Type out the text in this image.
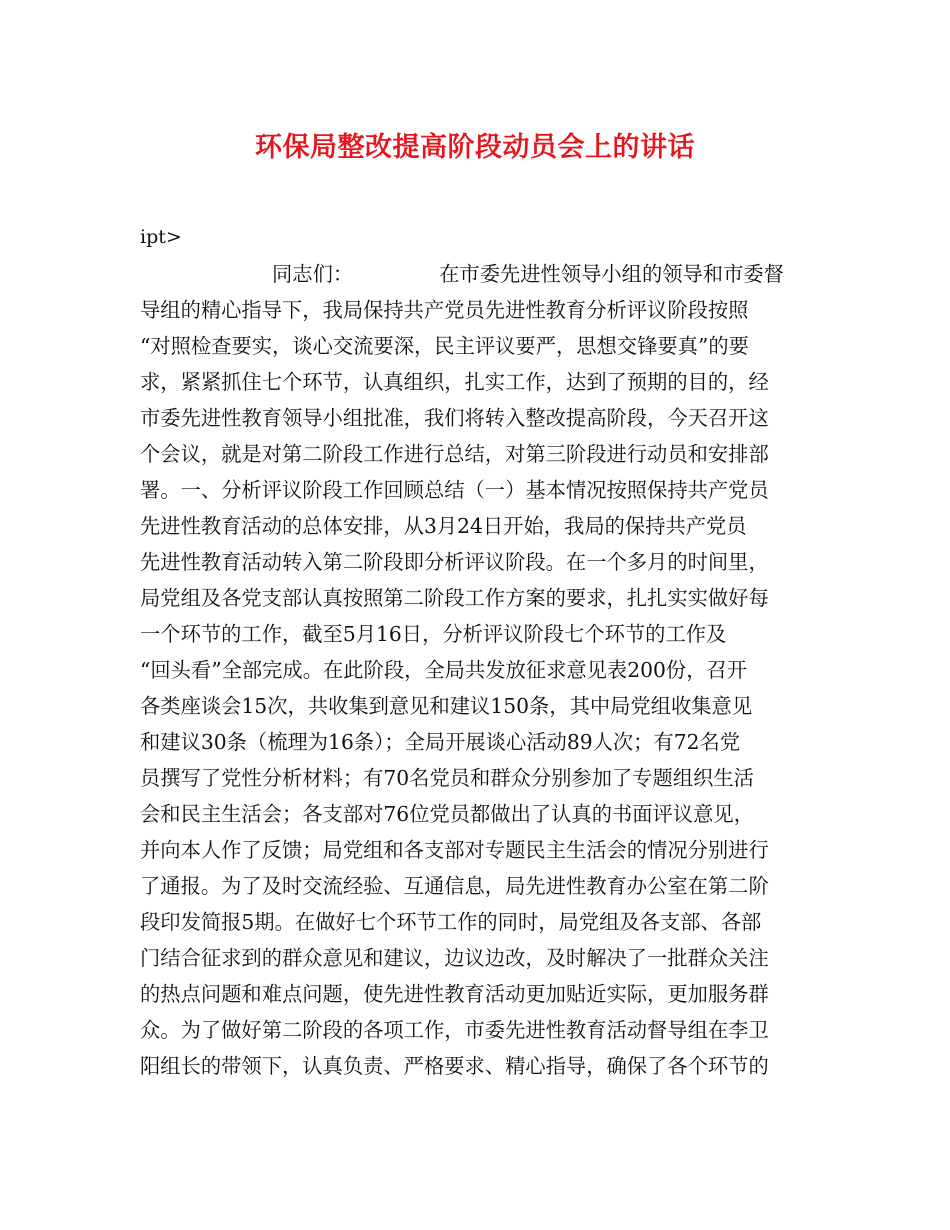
环保局整改提高阶段动员会上的讲话
ipt>
同志们：	在市委先进性领导小组的领导和市委督
导组的精心指导下，我局保持共产党员先进性教育分析评议阶段按照
“对照检查要实，谈心交流要深，民主评议要严，思想交锋要真”的要
求，紧紧抓住七个环节，认真组织，扎实工作，达到了预期的目的，经
市委先进性教育领导小组批准，我们将转入整改提高阶段，今天召开这
个会议，就是对第二阶段工作进行总结，对第三阶段进行动员和安排部
署。一、分析评议阶段工作回顾总结（一）基本情况按照保持共产党员
先进性教育活动的总体安排，从3月24日开始，我局的保持共产党员
先进性教育活动转入第二阶段即分析评议阶段。在一个多月的时间里，
局党组及各党支部认真按照第二阶段工作方案的要求，扎扎实实做好每
一个环节的工作，截至5月16日，分析评议阶段七个环节的工作及
“回头看”全部完成。在此阶段，全局共发放征求意见表200份，召开
各类座谈会15次，共收集到意见和建议150条，其中局党组收集意见
和建议30条（梳理为16条）；全局开展谈心活动89人次；有72名党
员撰写了党性分析材料；有70名党员和群众分别参加了专题组织生活
会和民主生活会；各支部对76位党员都做出了认真的书面评议意见，
并向本人作了反馈；局党组和各支部对专题民主生活会的情况分别进行
了通报。为了及时交流经验、互通信息，局先进性教育办公室在第二阶
段印发简报5期。在做好七个环节工作的同时，局党组及各支部、各部
门结合征求到的群众意见和建议，边议边改，及时解决了一批群众关注
的热点问题和难点问题，使先进性教育活动更加贴近实际，更加服务群
众。为了做好第二阶段的各项工作，市委先进性教育活动督导组在李卫
阳组长的带领下，认真负责、严格要求、精心指导，确保了各个环节的
